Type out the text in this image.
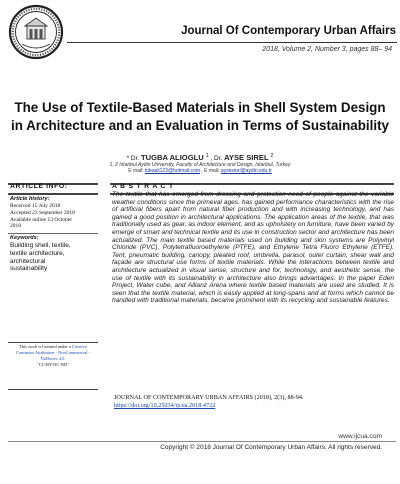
Journal Of Contemporary Urban Affairs
2018, Volume 2, Number 3, pages 88– 94
The Use of Textile-Based Materials in Shell System Design in Architecture and an Evaluation in Terms of Sustainability
* Dr. TUGBA ALIOGLU $^1$ , Dr. AYSE SIREL $^2$
1, 2 Istanbul Aydin University, Faculty of Architecture and Design, Istanbul, Turkey
E mail: tubaali123@hotmail.com , E mail: aysesirel@aydin.edu.tr
ARTICLE INFO:
Article history:
Received 15 July 2018
Accepted 23 September 2018
Available online 13 October
2018
Keywords:
Building shell, textile,
textile architecture,
architectural
sustainability
This work is licensed under a Creative Commons Attribution - NonCommercial - NoDerivs 4.0.
"CC-BY-NC-ND"
A B S T R A C T
The textile that has emerged from dressing and protection need of people against the variable weather conditions since the primeval ages, has gained performance characteristics with the rise of artificial fibers apart from natural fiber production and with increasing technology, and has gained a good position in architectural applications. The application areas of the textile, that was traditionally used as gear, as indoor element, and as upholstery on furniture, have been varied by emerge of smart and technical textile and its use in construction sector and architecture has been actualized. The main textile based materials used on building and skin systems are Polyvinyl Chloride (PVC), Polytetrafluoroethylene (PTFE), and Ethylene Tetra Fluoro Ethylene (ETFE). Tent, pneumatic building, canopy, pleated roof, umbrella, parasol, outer curtain, shear wall and façade are structural use forms of textile materials. While the interactions between textile and architecture actualized in visual sense, structure and for, technology, and aesthetic sense, the use of textile with its sustainability in architecture also brings advantages. In the paper Eden Project, Water cube, and Allianz Arena where textile based materials are used are studied. It is seen that the textile material, which is easily applied at long-spans and at forms which cannot be handled with traditional materials, became prominent with its recycling and sustainable features.
JOURNAL OF CONTEMPORARY URBAN AFFAIRS (2018), 2(3), 88-94.
https://doi.org/10.25034/ijcua.2018.4722
www.ijcua.com
Copyright © 2018 Journal Of Contemporary Urban Affairs. All rights reserved.
